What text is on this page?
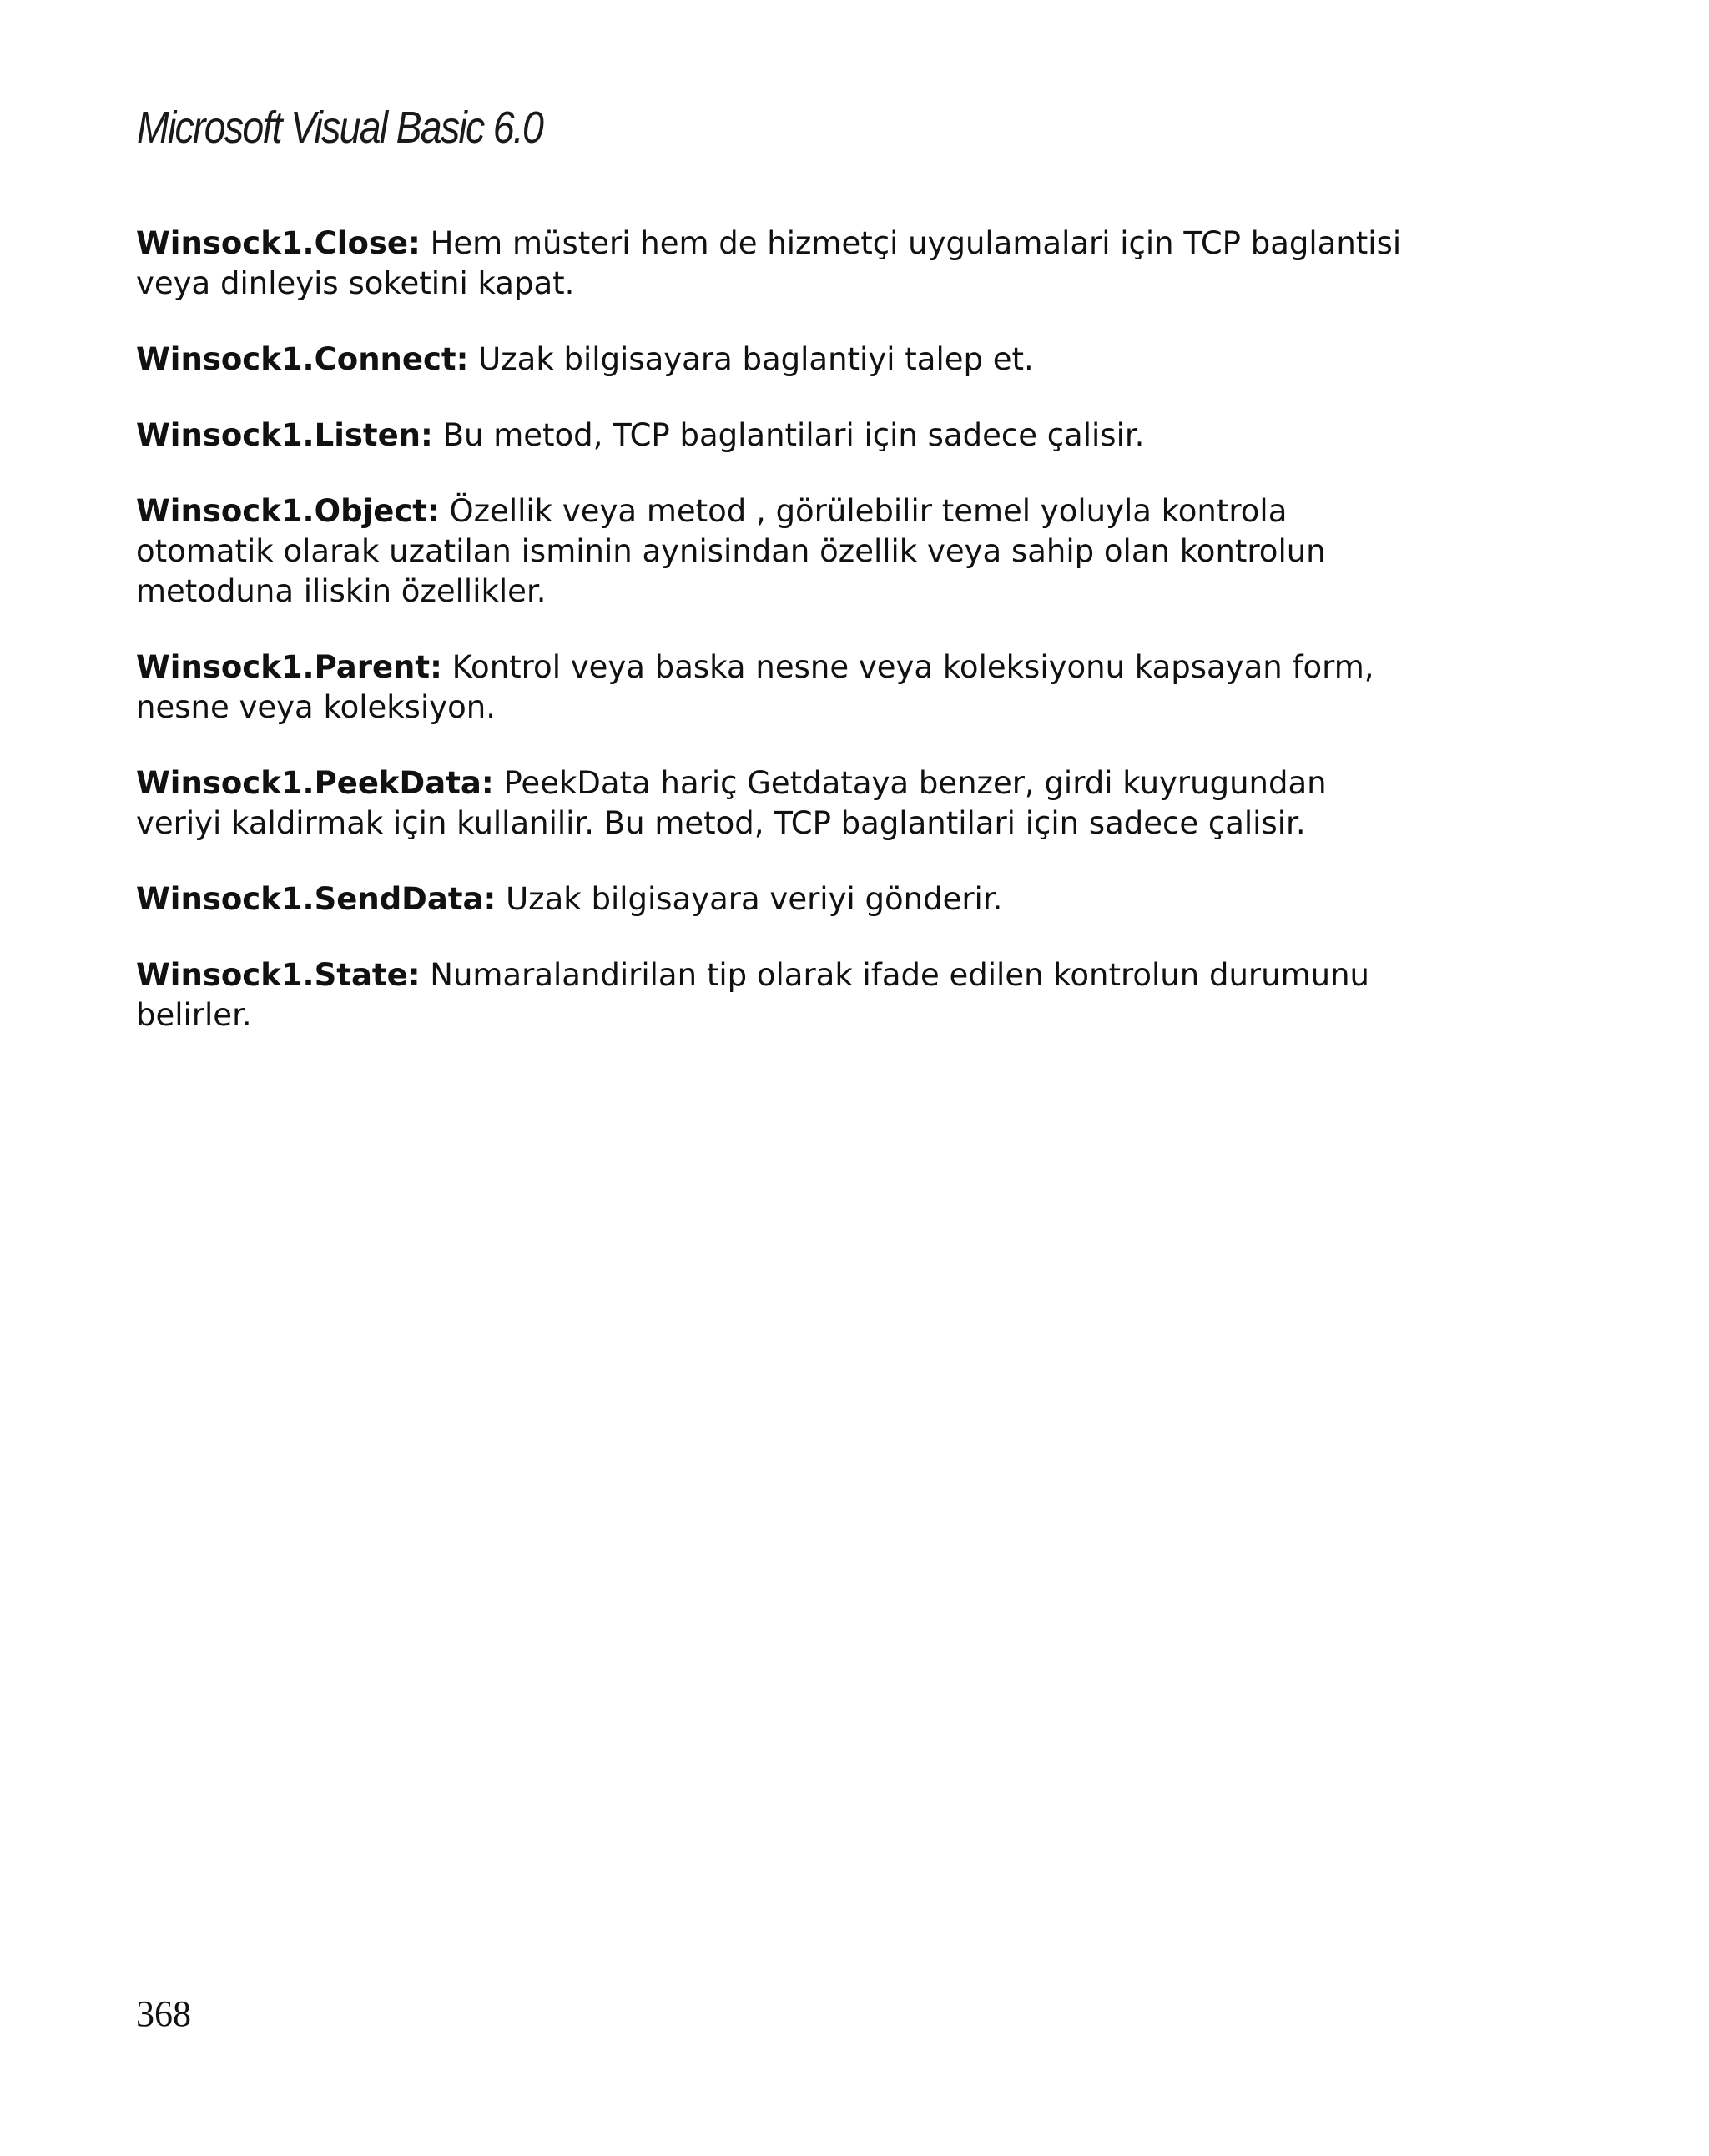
Microsoft Visual Basic 6.0

Winsock1.Close: Hem müsteri hem de hizmetçi uygulamalari için TCP baglantisi veya dinleyis soketini kapat.

Winsock1.Connect: Uzak bilgisayara baglantiyi talep et.

Winsock1.Listen: Bu metod, TCP baglantilari için sadece çalisir.

Winsock1.Object: Özellik veya metod , görülebilir temel yoluyla kontrola otomatik olarak uzatilan isminin aynisindan özellik veya sahip olan kontrolun metoduna iliskin özellikler.

Winsock1.Parent: Kontrol veya baska nesne veya koleksiyonu kapsayan form, nesne veya koleksiyon.

Winsock1.PeekData: PeekData hariç Getdataya benzer, girdi kuyrugundan veriyi kaldirmak için kullanilir. Bu metod, TCP baglantilari için sadece çalisir.

Winsock1.SendData: Uzak bilgisayara veriyi gönderir.

Winsock1.State: Numaralandirilan tip olarak ifade edilen kontrolun durumunu belirler.

368
